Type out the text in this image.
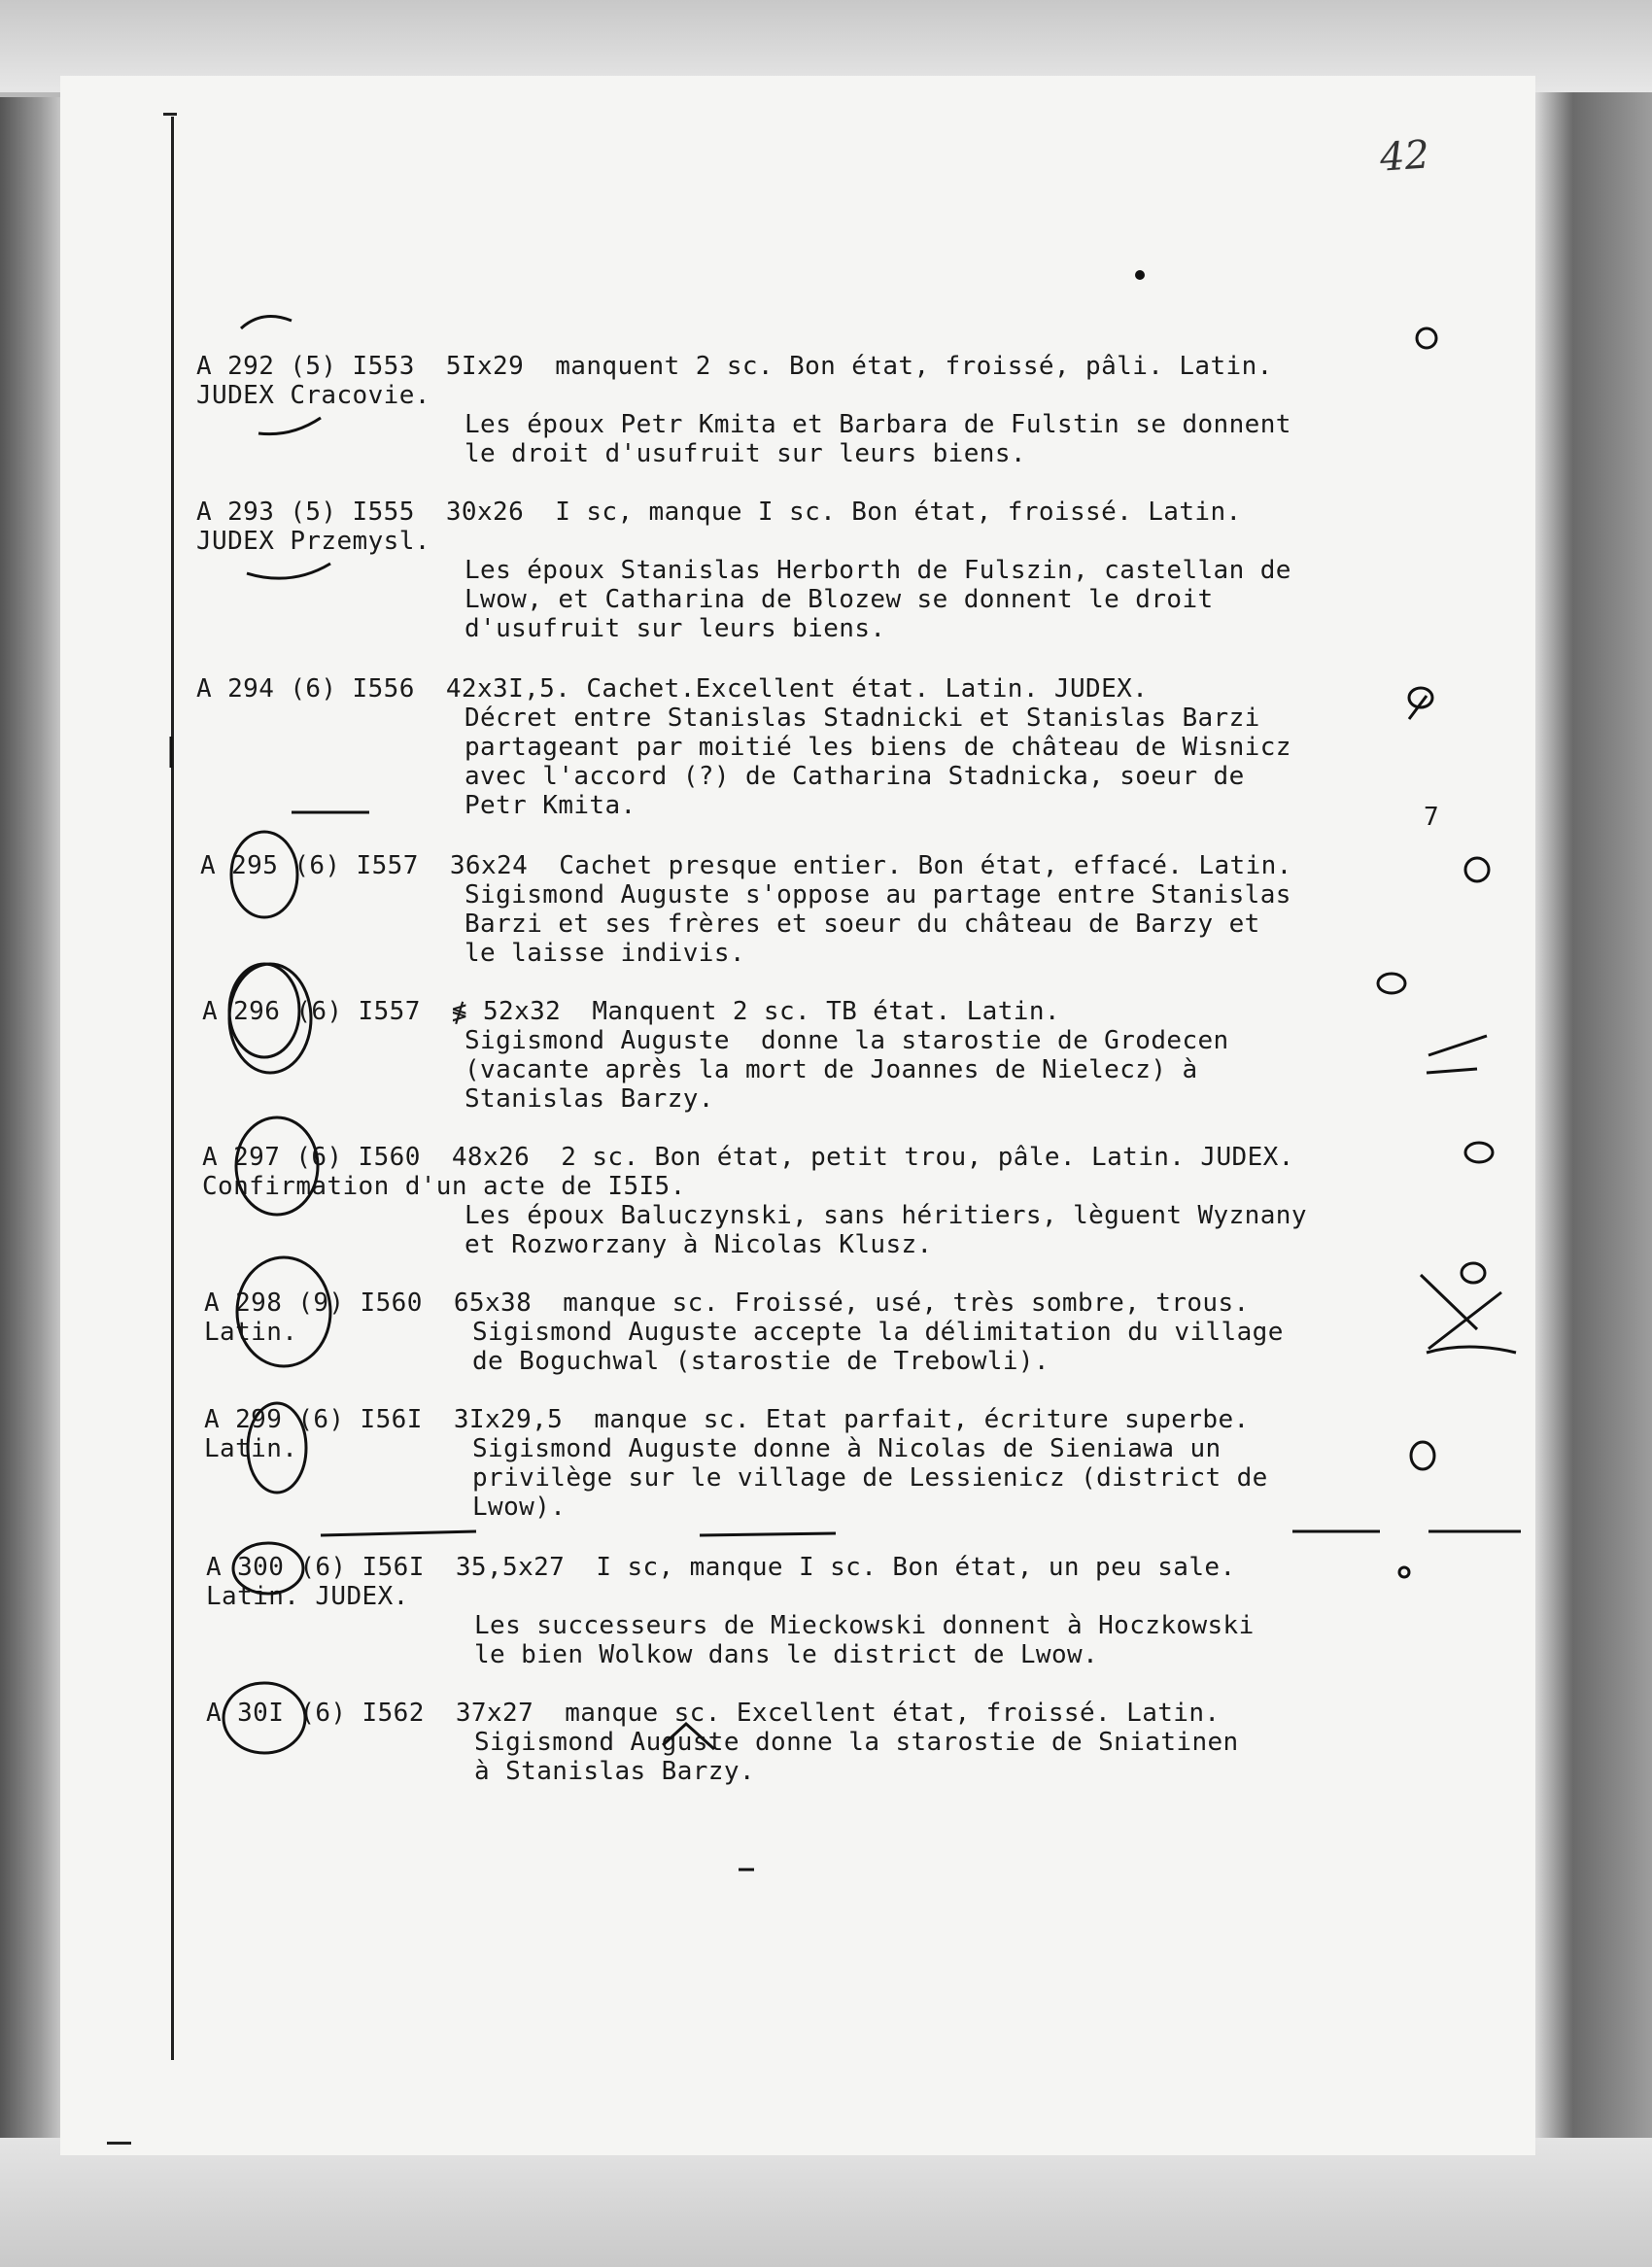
42
7
A 292 (5) I553  5Ix29  manquent 2 sc. Bon état, froissé, pâli. Latin.
JUDEX Cracovie.
Les époux Petr Kmita et Barbara de Fulstin se donnent
le droit d'usufruit sur leurs biens.
A 293 (5) I555  30x26  I sc, manque I sc. Bon état, froissé. Latin.
JUDEX Przemysl.
Les époux Stanislas Herborth de Fulszin, castellan de
Lwow, et Catharina de Blozew se donnent le droit
d'usufruit sur leurs biens.
A 294 (6) I556  42x3I,5. Cachet.Excellent état. Latin. JUDEX.
Décret entre Stanislas Stadnicki et Stanislas Barzi
partageant par moitié les biens de château de Wisnicz
avec l'accord (?) de Catharina Stadnicka, soeur de
Petr Kmita.
A 295 (6) I557  36x24  Cachet presque entier. Bon état, effacé. Latin.
Sigismond Auguste s'oppose au partage entre Stanislas
Barzi et ses frères et soeur du château de Barzy et
le laisse indivis.
A 296 (6) I557  ≸ 52x32  Manquent 2 sc. TB état. Latin.
Sigismond Auguste  donne la starostie de Grodecen
(vacante après la mort de Joannes de Nielecz) à
Stanislas Barzy.
A 297 (6) I560  48x26  2 sc. Bon état, petit trou, pâle. Latin. JUDEX.
Confirmation d'un acte de I5I5.
Les époux Baluczynski, sans héritiers, lèguent Wyznany
et Rozworzany à Nicolas Klusz.
A 298 (9) I560  65x38  manque sc. Froissé, usé, très sombre, trous.
Latin.	Sigismond Auguste accepte la délimitation du village
de Boguchwal (starostie de Trebowli).
A 299 (6) I56I  3Ix29,5  manque sc. Etat parfait, écriture superbe.
Latin.	Sigismond Auguste donne à Nicolas de Sieniawa un
privilège sur le village de Lessienicz (district de
Lwow).
A 300 (6) I56I  35,5x27  I sc, manque I sc. Bon état, un peu sale.
Latin. JUDEX.
Les successeurs de Mieckowski donnent à Hoczkowski
le bien Wolkow dans le district de Lwow.
A 30I (6) I562  37x27  manque sc. Excellent état, froissé. Latin.
Sigismond Auguste donne la starostie de Sniatinen
à Stanislas Barzy.
